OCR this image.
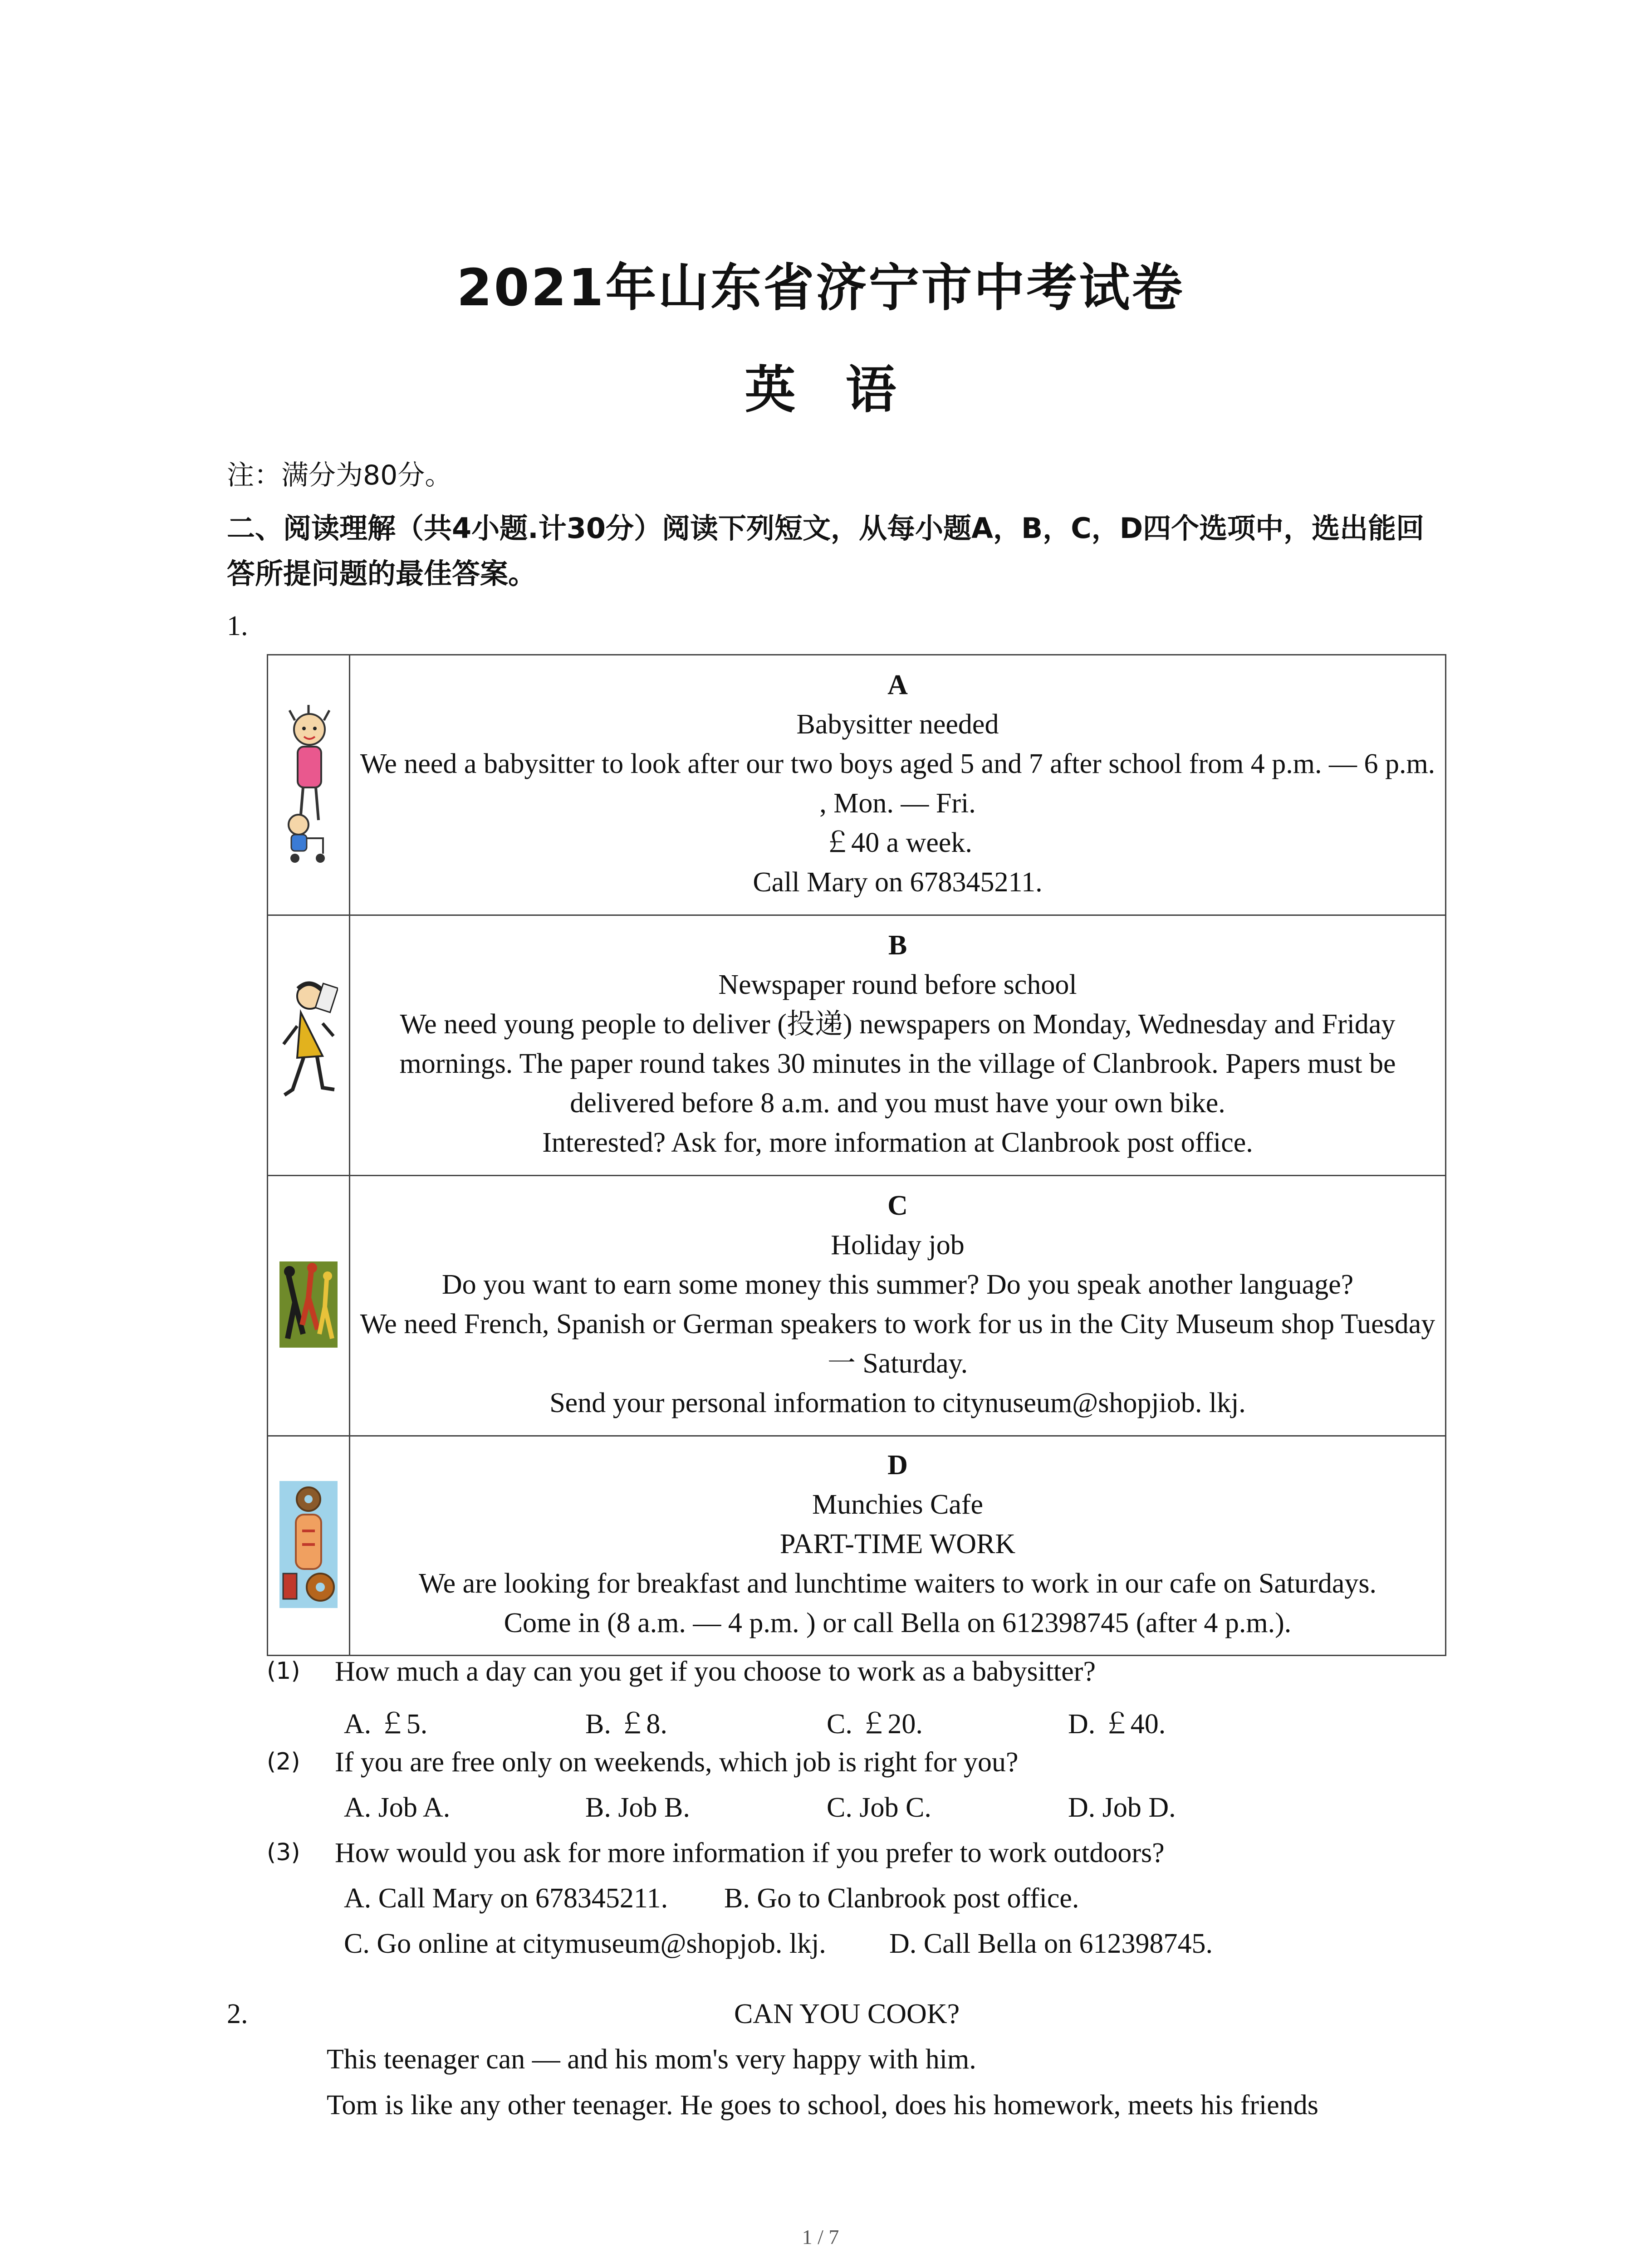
2021年山东省济宁市中考试卷
英语
注：满分为80分。
二、阅读理解（共4小题.计30分）阅读下列短文，从每小题A，B，C，D四个选项中，选出能回答所提问题的最佳答案。
1.

A
Babysitter needed
We need a babysitter to look after our two boys aged 5 and 7 after school from 4 p.m. — 6 p.m. , Mon. — Fri.
￡40 a week.
Call Mary on 678345211.

B
Newspaper round before school
We need young people to deliver (投递) newspapers on Monday, Wednesday and Friday mornings. The paper round takes 30 minutes in the village of Clanbrook. Papers must be delivered before 8 a.m. and you must have your own bike.
Interested? Ask for, more information at Clanbrook post office.

C
Holiday job
Do you want to earn some money this summer? Do you speak another language?
We need French, Spanish or German speakers to work for us in the City Museum shop Tuesday 一 Saturday.
Send your personal information to citynuseum@shopjiob. lkj.

D
Munchies Cafe
PART-TIME WORK
We are looking for breakfast and lunchtime waiters to work in our cafe on Saturdays.
Come in (8 a.m. — 4 p.m. ) or call Bella on 612398745 (after 4 p.m.).
(1) How much a day can you get if you choose to work as a babysitter?
A. ￡5.	B. ￡8.	C. ￡20.	D. ￡40.
(2) If you are free only on weekends, which job is right for you?
A. Job A.	B. Job B.	C. Job C.	D. Job D.
(3) How would you ask for more information if you prefer to work outdoors?
A. Call Mary on 678345211. B. Go to Clanbrook post office.
C. Go online at citymuseum@shopjob. lkj. D. Call Bella on 612398745.
2.	CAN YOU COOK?
This teenager can — and his mom's very happy with him.
Tom is like any other teenager. He goes to school, does his homework, meets his friends
1 / 7
